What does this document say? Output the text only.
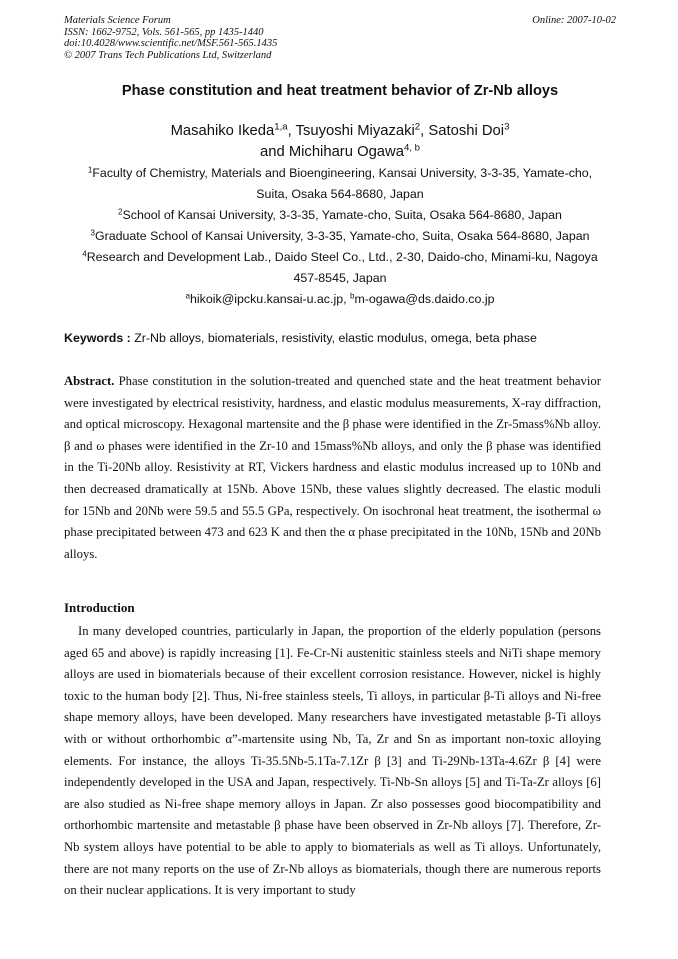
Materials Science Forum	Online: 2007-10-02
ISSN: 1662-9752, Vols. 561-565, pp 1435-1440
doi:10.4028/www.scientific.net/MSF.561-565.1435
© 2007 Trans Tech Publications Ltd, Switzerland
Phase constitution and heat treatment behavior of Zr-Nb alloys
Masahiko Ikeda$^{1,a}$, Tsuyoshi Miyazaki$^2$, Satoshi Doi$^3$
and Michiharu Ogawa$^{4, b}$
$^1$Faculty of Chemistry, Materials and Bioengineering, Kansai University, 3-3-35, Yamate-cho,
Suita, Osaka 564-8680, Japan
$^2$School of Kansai University, 3-3-35, Yamate-cho, Suita, Osaka 564-8680, Japan
$^3$Graduate School of Kansai University, 3-3-35, Yamate-cho, Suita, Osaka 564-8680, Japan
$^4$Research and Development Lab., Daido Steel Co., Ltd., 2-30, Daido-cho, Minami-ku, Nagoya
457-8545, Japan
$^a$hikoik@ipcku.kansai-u.ac.jp, $^b$m-ogawa@ds.daido.co.jp
Keywords : Zr-Nb alloys, biomaterials, resistivity, elastic modulus, omega, beta phase
Abstract. Phase constitution in the solution-treated and quenched state and the heat treatment behavior were investigated by electrical resistivity, hardness, and elastic modulus measurements, X-ray diffraction, and optical microscopy. Hexagonal martensite and the β phase were identified in the Zr-5mass%Nb alloy. β and ω phases were identified in the Zr-10 and 15mass%Nb alloys, and only the β phase was identified in the Ti-20Nb alloy. Resistivity at RT, Vickers hardness and elastic modulus increased up to 10Nb and then decreased dramatically at 15Nb. Above 15Nb, these values slightly decreased. The elastic moduli for 15Nb and 20Nb were 59.5 and 55.5 GPa, respectively. On isochronal heat treatment, the isothermal ω phase precipitated between 473 and 623 K and then the α phase precipitated in the 10Nb, 15Nb and 20Nb alloys.
Introduction
In many developed countries, particularly in Japan, the proportion of the elderly population (persons aged 65 and above) is rapidly increasing [1]. Fe-Cr-Ni austenitic stainless steels and NiTi shape memory alloys are used in biomaterials because of their excellent corrosion resistance. However, nickel is highly toxic to the human body [2]. Thus, Ni-free stainless steels, Ti alloys, in particular β-Ti alloys and Ni-free shape memory alloys, have been developed. Many researchers have investigated metastable β-Ti alloys with or without orthorhombic α”-martensite using Nb, Ta, Zr and Sn as important non-toxic alloying elements. For instance, the alloys Ti-35.5Nb-5.1Ta-7.1Zr β [3] and Ti-29Nb-13Ta-4.6Zr β [4] were independently developed in the USA and Japan, respectively. Ti-Nb-Sn alloys [5] and Ti-Ta-Zr alloys [6] are also studied as Ni-free shape memory alloys in Japan. Zr also possesses good biocompatibility and orthorhombic martensite and metastable β phase have been observed in Zr-Nb alloys [7]. Therefore, Zr-Nb system alloys have potential to be able to apply to biomaterials as well as Ti alloys. Unfortunately, there are not many reports on the use of Zr-Nb alloys as biomaterials, though there are numerous reports on their nuclear applications. It is very important to study
